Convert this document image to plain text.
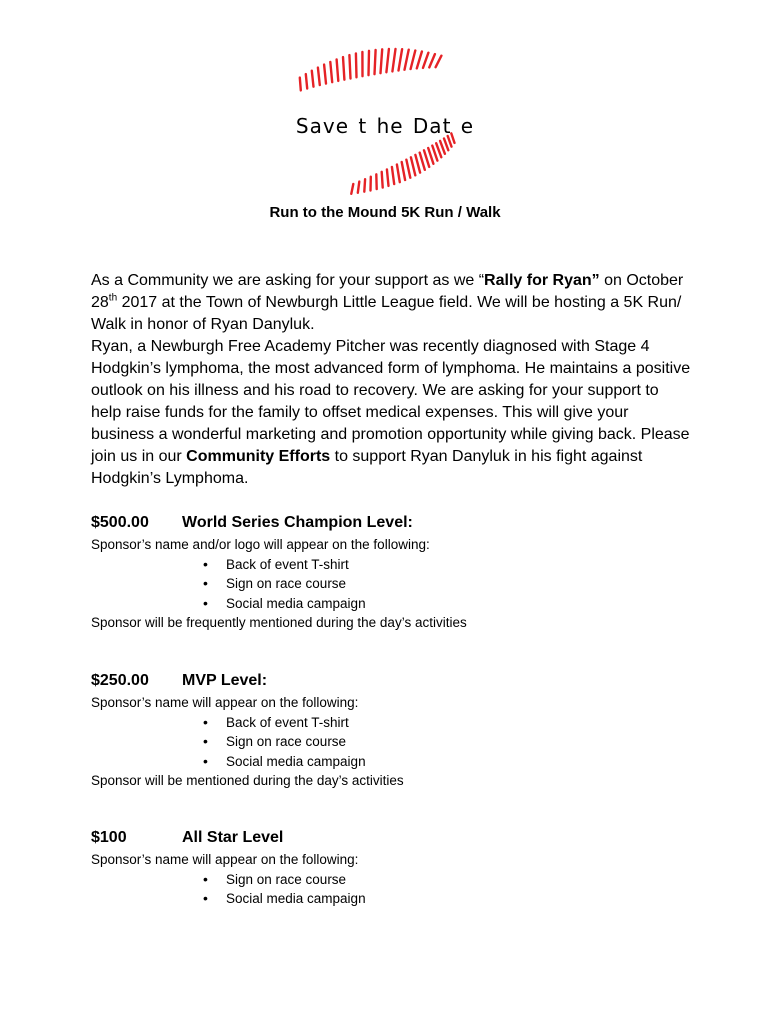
Save t he Dat e
Run to the Mound 5K Run / Walk

As a Community we are asking for your support as we “Rally for Ryan” on October 28th 2017 at the Town of Newburgh Little League field. We will be hosting a 5K Run/ Walk in honor of Ryan Danyluk.

Ryan, a Newburgh Free Academy Pitcher was recently diagnosed with Stage 4 Hodgkin’s lymphoma, the most advanced form of lymphoma. He maintains a positive outlook on his illness and his road to recovery. We are asking for your support to help raise funds for the family to offset medical expenses. This will give your business a wonderful marketing and promotion opportunity while giving back. Please join us in our Community Efforts to support Ryan Danyluk in his fight against Hodgkin’s Lymphoma.

$500.00 World Series Champion Level:
Sponsor’s name and/or logo will appear on the following:
• Back of event T-shirt
• Sign on race course
• Social media campaign
Sponsor will be frequently mentioned during the day’s activities
$250.00 MVP Level:
Sponsor’s name will appear on the following:
• Back of event T-shirt
• Sign on race course
• Social media campaign
Sponsor will be mentioned during the day’s activities
$100	All Star Level
Sponsor’s name will appear on the following:
• Sign on race course
• Social media campaign
